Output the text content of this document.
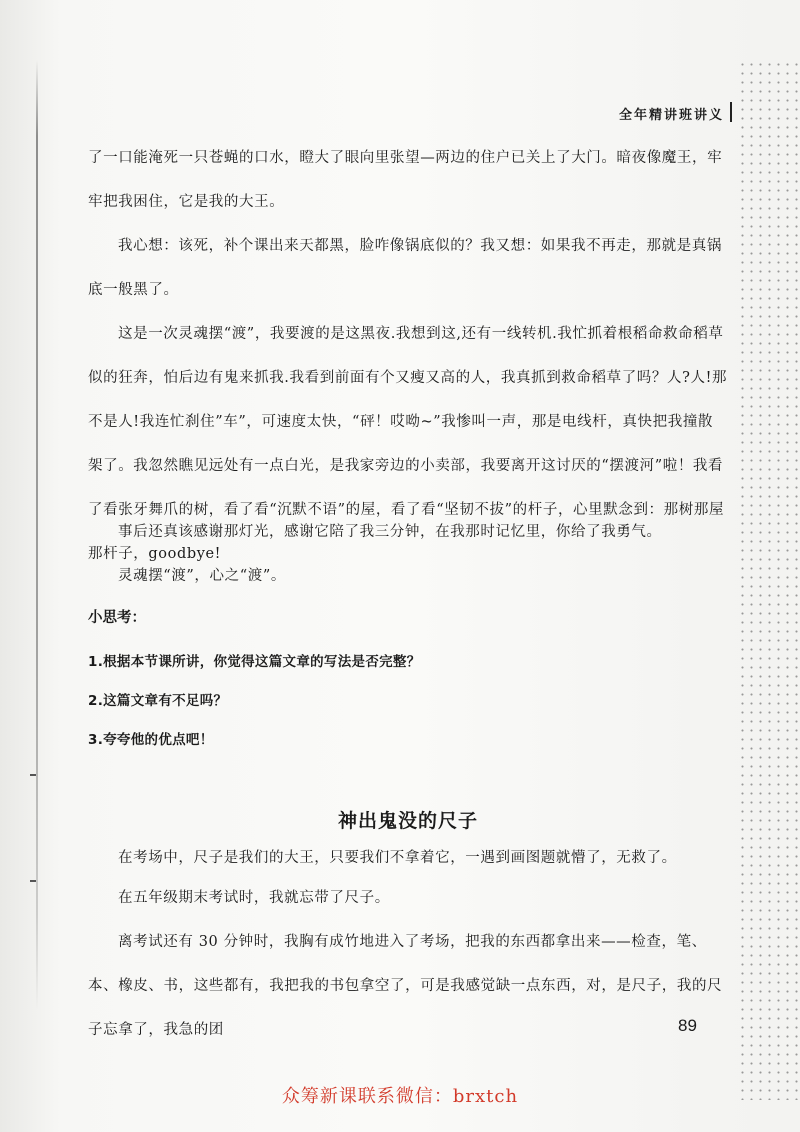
全年精讲班讲义
了一口能淹死一只苍蝇的口水，瞪大了眼向里张望—两边的住户已关上了大门。暗夜像魔王，牢牢把我困住，它是我的大王。
我心想：该死，补个课出来天都黑，脸咋像锅底似的？我又想：如果我不再走，那就是真锅底一般黑了。
这是一次灵魂摆“渡”，我要渡的是这黑夜.我想到这,还有一线转机.我忙抓着根稻命救命稻草似的狂奔，怕后边有鬼来抓我.我看到前面有个又瘦又高的人，我真抓到救命稻草了吗？人?人!那不是人!我连忙刹住”车”，可速度太快，“砰！哎呦~”我惨叫一声，那是电线杆，真快把我撞散架了。我忽然瞧见远处有一点白光，是我家旁边的小卖部，我要离开这讨厌的“摆渡河”啦！我看了看张牙舞爪的树，看了看“沉默不语”的屋，看了看“坚韧不拔”的杆子，心里默念到：那树那屋那杆子，goodbye!
事后还真该感谢那灯光，感谢它陪了我三分钟，在我那时记忆里，你给了我勇气。
灵魂摆“渡”，心之“渡”。
小思考：
1.根据本节课所讲，你觉得这篇文章的写法是否完整？
2.这篇文章有不足吗？
3.夸夸他的优点吧！
神出鬼没的尺子
在考场中，尺子是我们的大王，只要我们不拿着它，一遇到画图题就懵了，无救了。
在五年级期末考试时，我就忘带了尺子。
离考试还有 30 分钟时，我胸有成竹地进入了考场，把我的东西都拿出来——检查，笔、本、橡皮、书，这些都有，我把我的书包拿空了，可是我感觉缺一点东西，对，是尺子，我的尺子忘拿了，我急的团	89
众筹新课联系微信：brxtch
